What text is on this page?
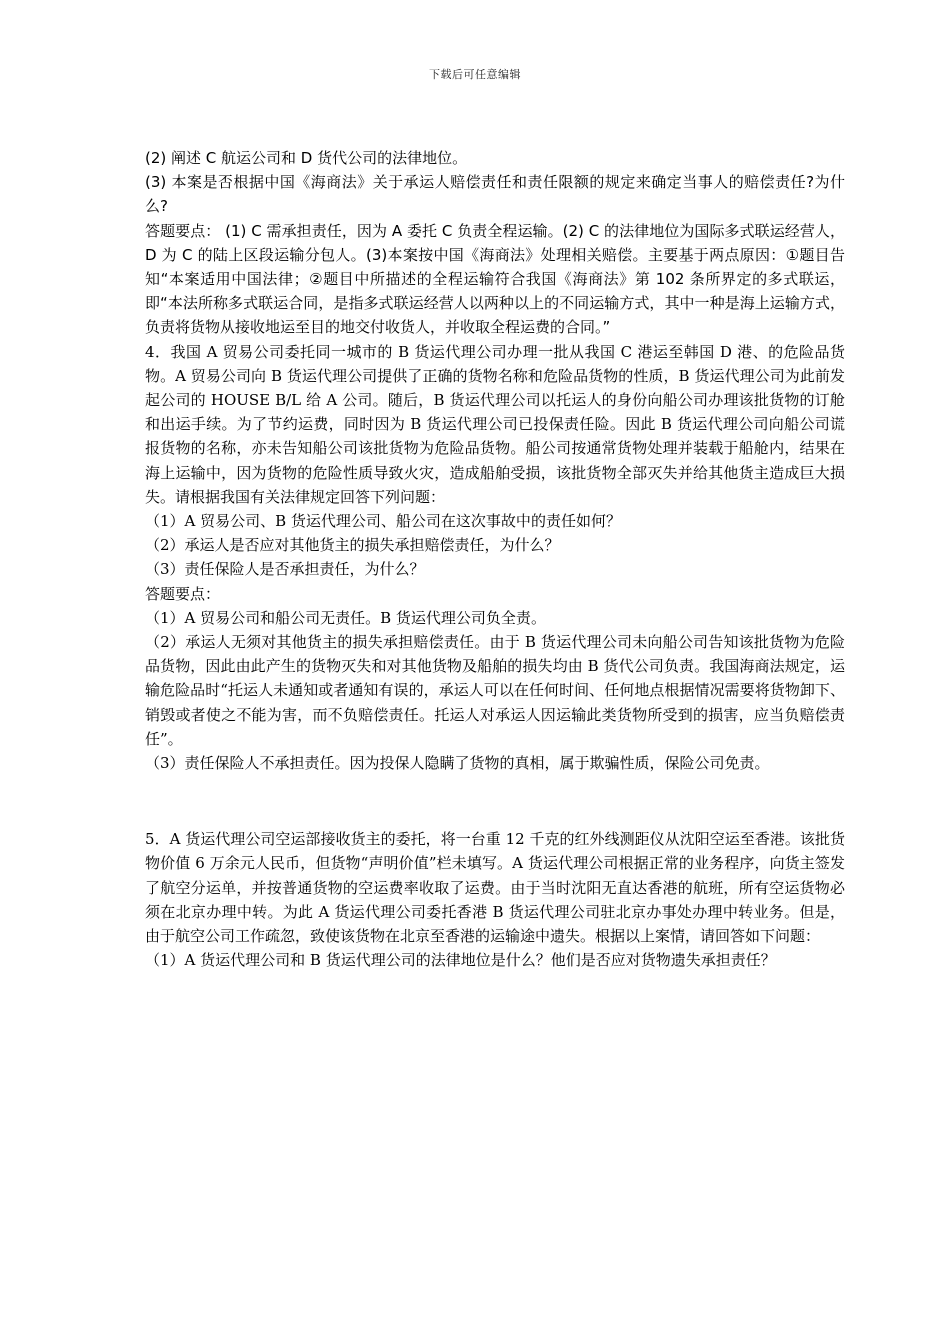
下载后可任意编辑

(2) 阐述 C 航运公司和 D 货代公司的法律地位。

(3) 本案是否根据中国《海商法》关于承运人赔偿责任和责任限额的规定来确定当事人的赔偿责任?为什么?

答题要点： (1) C 需承担责任，因为 A 委托 C 负责全程运输。(2) C 的法律地位为国际多式联运经营人，D 为 C 的陆上区段运输分包人。(3)本案按中国《海商法》处理相关赔偿。主要基于两点原因：①题目告知“本案适用中国法律；②题目中所描述的全程运输符合我国《海商法》第 102 条所界定的多式联运，即“本法所称多式联运合同，是指多式联运经营人以两种以上的不同运输方式，其中一种是海上运输方式，负责将货物从接收地运至目的地交付收货人，并收取全程运费的合同。”

4．我国 A 贸易公司委托同一城市的 B 货运代理公司办理一批从我国 C 港运至韩国 D 港、的危险品货物。A 贸易公司向 B 货运代理公司提供了正确的货物名称和危险品货物的性质，B 货运代理公司为此前发起公司的 HOUSE B/L 给 A 公司。随后，B 货运代理公司以托运人的身份向船公司办理该批货物的订舱和出运手续。为了节约运费，同时因为 B 货运代理公司已投保责任险。因此 B 货运代理公司向船公司谎报货物的名称，亦未告知船公司该批货物为危险品货物。船公司按通常货物处理并装载于船舱内，结果在海上运输中，因为货物的危险性质导致火灾，造成船舶受损，该批货物全部灭失并给其他货主造成巨大损失。请根据我国有关法律规定回答下列问题：

（1）A 贸易公司、B 货运代理公司、船公司在这次事故中的责任如何？

（2）承运人是否应对其他货主的损失承担赔偿责任，为什么？

（3）责任保险人是否承担责任，为什么？

答题要点：

（1）A 贸易公司和船公司无责任。B 货运代理公司负全责。

（2）承运人无须对其他货主的损失承担赔偿责任。由于 B 货运代理公司未向船公司告知该批货物为危险品货物，因此由此产生的货物灭失和对其他货物及船舶的损失均由 B 货代公司负责。我国海商法规定，运输危险品时“托运人未通知或者通知有误的，承运人可以在任何时间、任何地点根据情况需要将货物卸下、销毁或者使之不能为害，而不负赔偿责任。托运人对承运人因运输此类货物所受到的损害，应当负赔偿责任”。

（3）责任保险人不承担责任。因为投保人隐瞒了货物的真相，属于欺骗性质，保险公司免责。

5．A 货运代理公司空运部接收货主的委托，将一台重 12 千克的红外线测距仪从沈阳空运至香港。该批货物价值 6 万余元人民币，但货物“声明价值”栏未填写。A 货运代理公司根据正常的业务程序，向货主签发了航空分运单，并按普通货物的空运费率收取了运费。由于当时沈阳无直达香港的航班，所有空运货物必须在北京办理中转。为此 A 货运代理公司委托香港 B 货运代理公司驻北京办事处办理中转业务。但是，由于航空公司工作疏忽，致使该货物在北京至香港的运输途中遗失。根据以上案情，请回答如下问题：

（1）A 货运代理公司和 B 货运代理公司的法律地位是什么？他们是否应对货物遗失承担责任？
